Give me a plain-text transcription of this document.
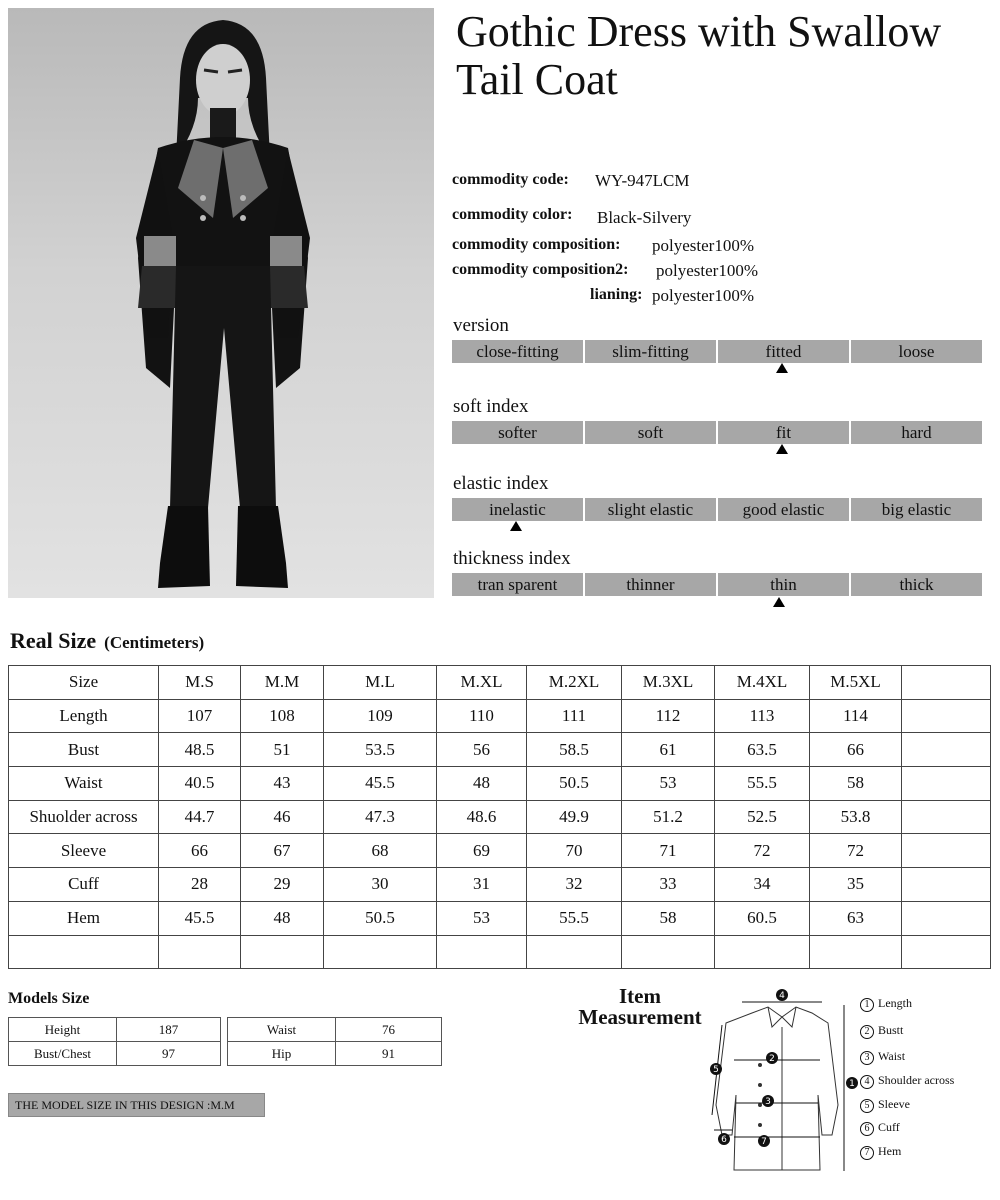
Gothic Dress with Swallow Tail Coat
commodity code: WY-947LCM
commodity color: Black-Silvery
commodity composition: polyester100%
commodity composition2: polyester100%
lianing: polyester100%
version
close-fitting	slim-fitting	fitted	loose
soft index
softer	soft	fit	hard
elastic index
inelastic	slight elastic	good elastic	big elastic
thickness index
tran sparent	thinner	thin	thick
Real Size (Centimeters)
Size	M.S	M.M	M.L	M.XL	M.2XL	M.3XL	M.4XL	M.5XL	
Length	107	108	109	110	111	112	113	114	
Bust	48.5	51	53.5	56	58.5	61	63.5	66	
Waist	40.5	43	45.5	48	50.5	53	55.5	58	
Shuolder across	44.7	46	47.3	48.6	49.9	51.2	52.5	53.8	
Sleeve	66	67	68	69	70	71	72	72	
Cuff	28	29	30	31	32	33	34	35	
Hem	45.5	48	50.5	53	55.5	58	60.5	63	

Models Size
Height	187
Bust/Chest	97
Waist	76
Hip	91
THE MODEL SIZE IN THIS DESIGN :M.M
Item
Measurement
4
2
3
7
1
5
6
1 Length
2 Bustt
3 Waist
4 Shoulder across
5 Sleeve
6 Cuff
7 Hem
